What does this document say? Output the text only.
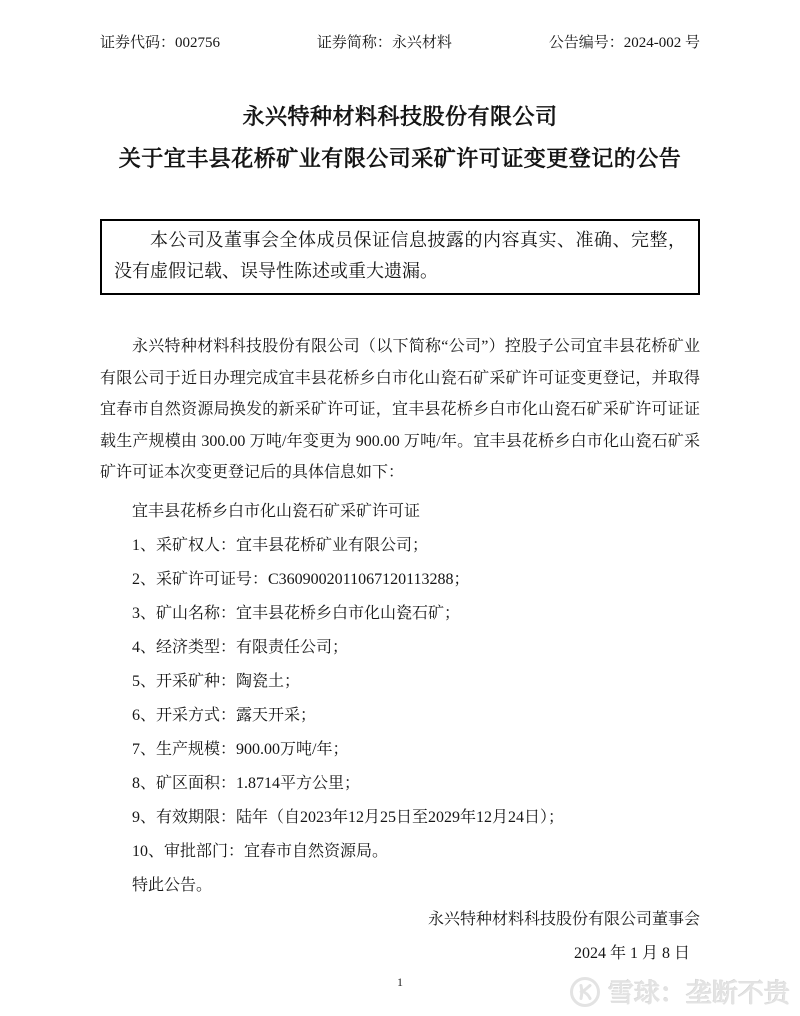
证券代码：002756	证券简称：永兴材料	公告编号：2024-002 号
永兴特种材料科技股份有限公司
关于宜丰县花桥矿业有限公司采矿许可证变更登记的公告

本公司及董事会全体成员保证信息披露的内容真实、准确、完整，没有虚假记载、误导性陈述或重大遗漏。

永兴特种材料科技股份有限公司（以下简称“公司”）控股子公司宜丰县花桥矿业有限公司于近日办理完成宜丰县花桥乡白市化山瓷石矿采矿许可证变更登记，并取得宜春市自然资源局换发的新采矿许可证，宜丰县花桥乡白市化山瓷石矿采矿许可证证载生产规模由 300.00 万吨/年变更为 900.00 万吨/年。宜丰县花桥乡白市化山瓷石矿采矿许可证本次变更登记后的具体信息如下：

宜丰县花桥乡白市化山瓷石矿采矿许可证

1、采矿权人：宜丰县花桥矿业有限公司；

2、采矿许可证号：C3609002011067120113288；

3、矿山名称：宜丰县花桥乡白市化山瓷石矿；

4、经济类型：有限责任公司；

5、开采矿种：陶瓷土；

6、开采方式：露天开采；

7、生产规模：900.00万吨/年；

8、矿区面积：1.8714平方公里；

9、有效期限：陆年（自2023年12月25日至2029年12月24日）；

10、审批部门：宜春市自然资源局。

特此公告。

永兴特种材料科技股份有限公司董事会

2024 年 1 月 8 日

1	雪球：垄断不贵
